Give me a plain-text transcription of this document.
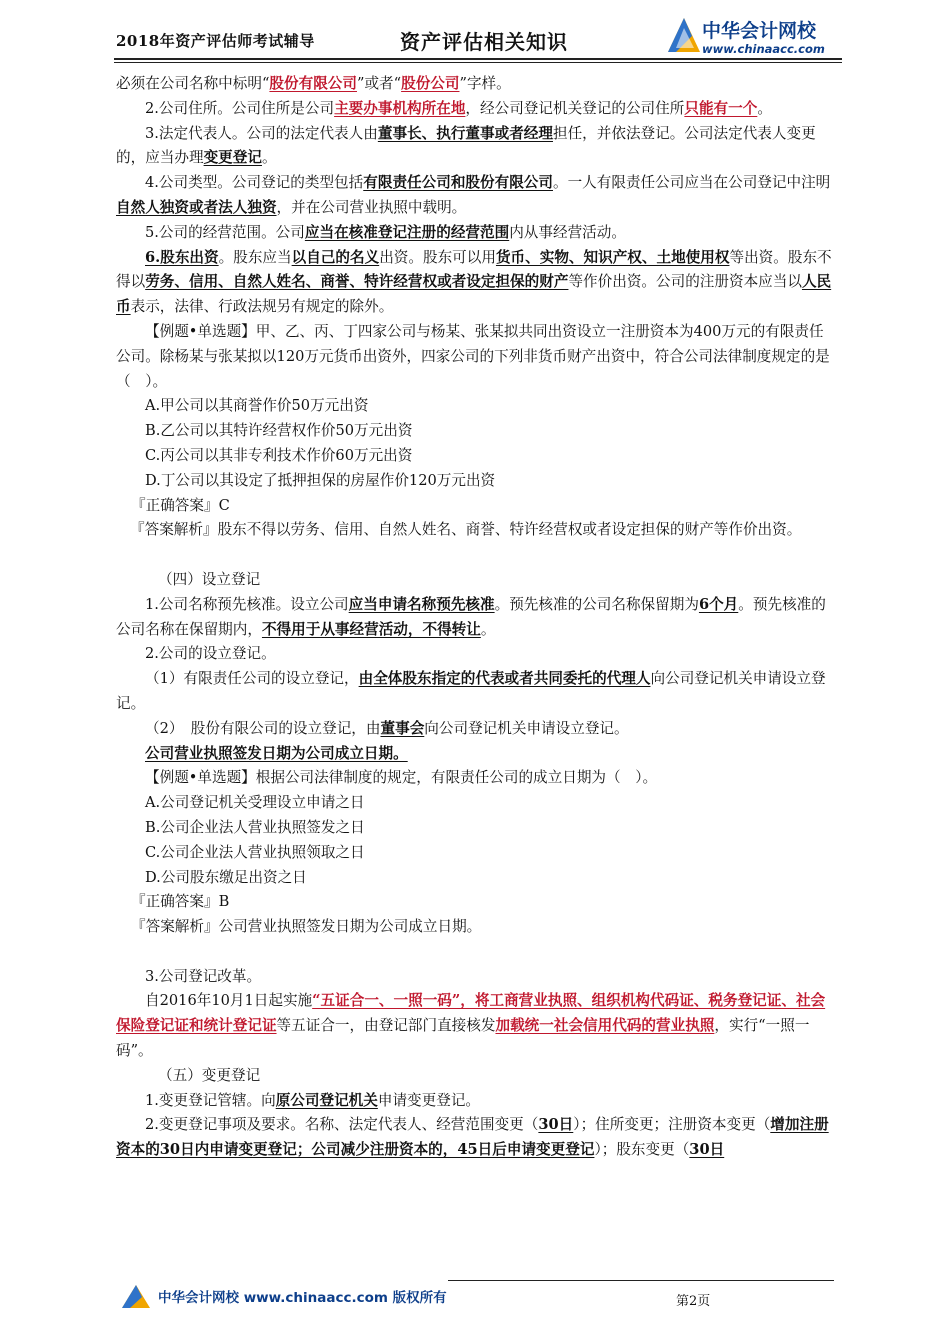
2018年资产评估师考试辅导	资产评估相关知识	中华会计网校
www.chinaacc.com

必须在公司名称中标明“股份有限公司”或者“股份公司”字样。

2.公司住所。公司住所是公司主要办事机构所在地，经公司登记机关登记的公司住所只能有一个。

3.法定代表人。公司的法定代表人由董事长、执行董事或者经理担任，并依法登记。公司法定代表人变更的，应当办理变更登记。

4.公司类型。公司登记的类型包括有限责任公司和股份有限公司。一人有限责任公司应当在公司登记中注明自然人独资或者法人独资，并在公司营业执照中载明。

5.公司的经营范围。公司应当在核准登记注册的经营范围内从事经营活动。

6.股东出资。股东应当以自己的名义出资。股东可以用货币、实物、知识产权、土地使用权等出资。股东不得以劳务、信用、自然人姓名、商誉、特许经营权或者设定担保的财产等作价出资。公司的注册资本应当以人民币表示，法律、行政法规另有规定的除外。

【例题•单选题】甲、乙、丙、丁四家公司与杨某、张某拟共同出资设立一注册资本为400万元的有限责任公司。除杨某与张某拟以120万元货币出资外，四家公司的下列非货币财产出资中，符合公司法律制度规定的是（　）。

A.甲公司以其商誉作价50万元出资

B.乙公司以其特许经营权作价50万元出资

C.丙公司以其非专利技术作价60万元出资

D.丁公司以其设定了抵押担保的房屋作价120万元出资

『正确答案』C

『答案解析』股东不得以劳务、信用、自然人姓名、商誉、特许经营权或者设定担保的财产等作价出资。

（四）设立登记

1.公司名称预先核准。设立公司应当申请名称预先核准。预先核准的公司名称保留期为6个月。预先核准的公司名称在保留期内，不得用于从事经营活动，不得转让。

2.公司的设立登记。

（1）有限责任公司的设立登记，由全体股东指定的代表或者共同委托的代理人向公司登记机关申请设立登记。

（2）　股份有限公司的设立登记，由董事会向公司登记机关申请设立登记。

公司营业执照签发日期为公司成立日期。

【例题•单选题】根据公司法律制度的规定，有限责任公司的成立日期为（　）。

A.公司登记机关受理设立申请之日

B.公司企业法人营业执照签发之日

C.公司企业法人营业执照领取之日

D.公司股东缴足出资之日

『正确答案』B

『答案解析』公司营业执照签发日期为公司成立日期。

3.公司登记改革。

自2016年10月1日起实施“五证合一、一照一码”，将工商营业执照、组织机构代码证、税务登记证、社会保险登记证和统计登记证等五证合一，由登记部门直接核发加载统一社会信用代码的营业执照，实行“一照一码”。

（五）变更登记

1.变更登记管辖。向原公司登记机关申请变更登记。

2.变更登记事项及要求。名称、法定代表人、经营范围变更（30日）；住所变更；注册资本变更（增加注册资本的30日内申请变更登记；公司减少注册资本的，45日后申请变更登记）；股东变更（30日

中华会计网校 www.chinaacc.com 版权所有	第2页
